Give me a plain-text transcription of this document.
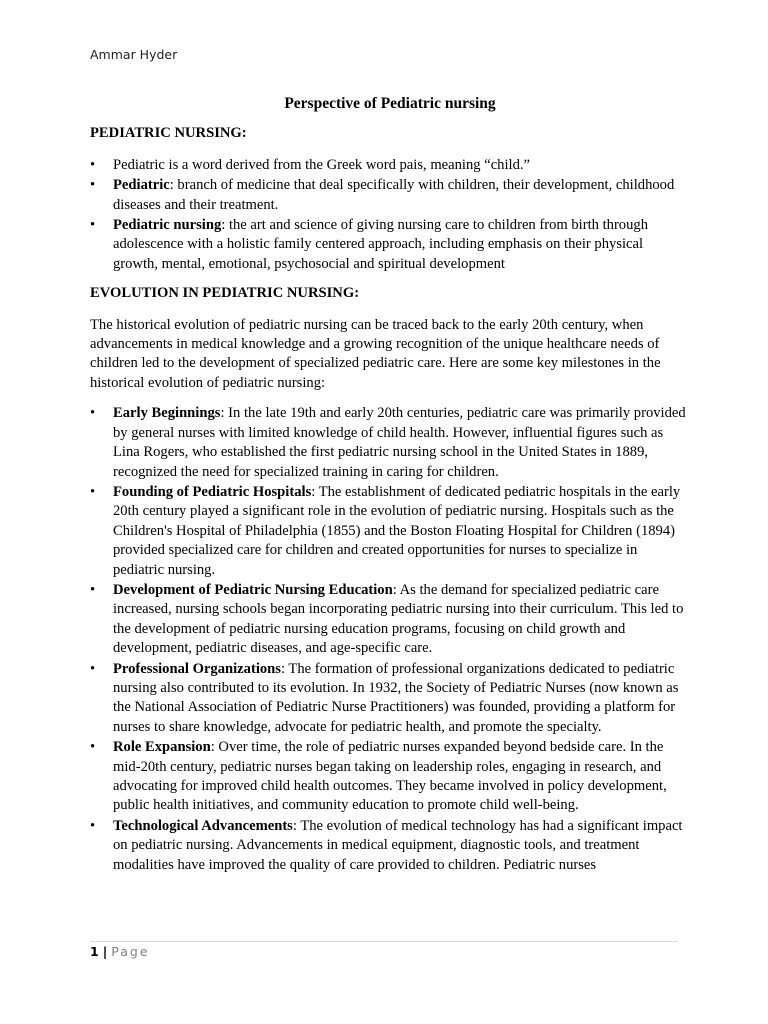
Ammar Hyder
Perspective of Pediatric nursing
PEDIATRIC NURSING:
• Pediatric is a word derived from the Greek word pais, meaning “child.”
• Pediatric: branch of medicine that deal specifically with children, their development, childhood diseases and their treatment.
• Pediatric nursing: the art and science of giving nursing care to children from birth through adolescence with a holistic family centered approach, including emphasis on their physical growth, mental, emotional, psychosocial and spiritual development
EVOLUTION IN PEDIATRIC NURSING:
The historical evolution of pediatric nursing can be traced back to the early 20th century, when advancements in medical knowledge and a growing recognition of the unique healthcare needs of children led to the development of specialized pediatric care. Here are some key milestones in the historical evolution of pediatric nursing:
• Early Beginnings: In the late 19th and early 20th centuries, pediatric care was primarily provided by general nurses with limited knowledge of child health. However, influential figures such as Lina Rogers, who established the first pediatric nursing school in the United States in 1889, recognized the need for specialized training in caring for children.
• Founding of Pediatric Hospitals: The establishment of dedicated pediatric hospitals in the early 20th century played a significant role in the evolution of pediatric nursing. Hospitals such as the Children's Hospital of Philadelphia (1855) and the Boston Floating Hospital for Children (1894) provided specialized care for children and created opportunities for nurses to specialize in pediatric nursing.
• Development of Pediatric Nursing Education: As the demand for specialized pediatric care increased, nursing schools began incorporating pediatric nursing into their curriculum. This led to the development of pediatric nursing education programs, focusing on child growth and development, pediatric diseases, and age-specific care.
• Professional Organizations: The formation of professional organizations dedicated to pediatric nursing also contributed to its evolution. In 1932, the Society of Pediatric Nurses (now known as the National Association of Pediatric Nurse Practitioners) was founded, providing a platform for nurses to share knowledge, advocate for pediatric health, and promote the specialty.
• Role Expansion: Over time, the role of pediatric nurses expanded beyond bedside care. In the mid-20th century, pediatric nurses began taking on leadership roles, engaging in research, and advocating for improved child health outcomes. They became involved in policy development, public health initiatives, and community education to promote child well-being.
• Technological Advancements: The evolution of medical technology has had a significant impact on pediatric nursing. Advancements in medical equipment, diagnostic tools, and treatment modalities have improved the quality of care provided to children. Pediatric nurses
1 | Page
